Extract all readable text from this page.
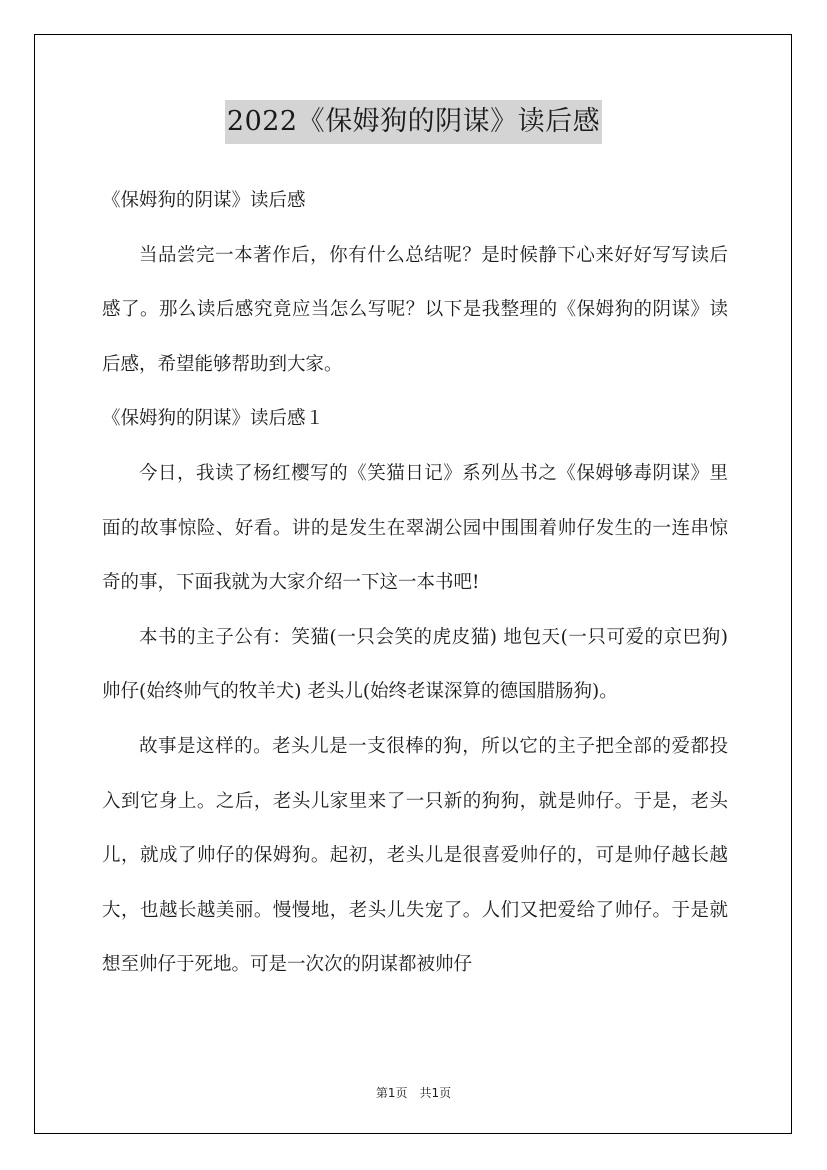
2022《保姆狗的阴谋》读后感

《保姆狗的阴谋》读后感

当品尝完一本著作后，你有什么总结呢？是时候静下心来好好写写读后感了。那么读后感究竟应当怎么写呢？以下是我整理的《保姆狗的阴谋》读后感，希望能够帮助到大家。

《保姆狗的阴谋》读后感１

今日，我读了杨红樱写的《笑猫日记》系列丛书之《保姆够毒阴谋》里面的故事惊险、好看。讲的是发生在翠湖公园中围围着帅仔发生的一连串惊奇的事，下面我就为大家介绍一下这一本书吧!

本书的主子公有：笑猫(一只会笑的虎皮猫) 地包天(一只可爱的京巴狗) 帅仔(始终帅气的牧羊犬) 老头儿(始终老谋深算的德国腊肠狗)。

故事是这样的。老头儿是一支很棒的狗，所以它的主子把全部的爱都投入到它身上。之后，老头儿家里来了一只新的狗狗，就是帅仔。于是，老头儿，就成了帅仔的保姆狗。起初，老头儿是很喜爱帅仔的，可是帅仔越长越大，也越长越美丽。慢慢地，老头儿失宠了。人们又把爱给了帅仔。于是就想至帅仔于死地。可是一次次的阴谋都被帅仔

第1页　共1页
